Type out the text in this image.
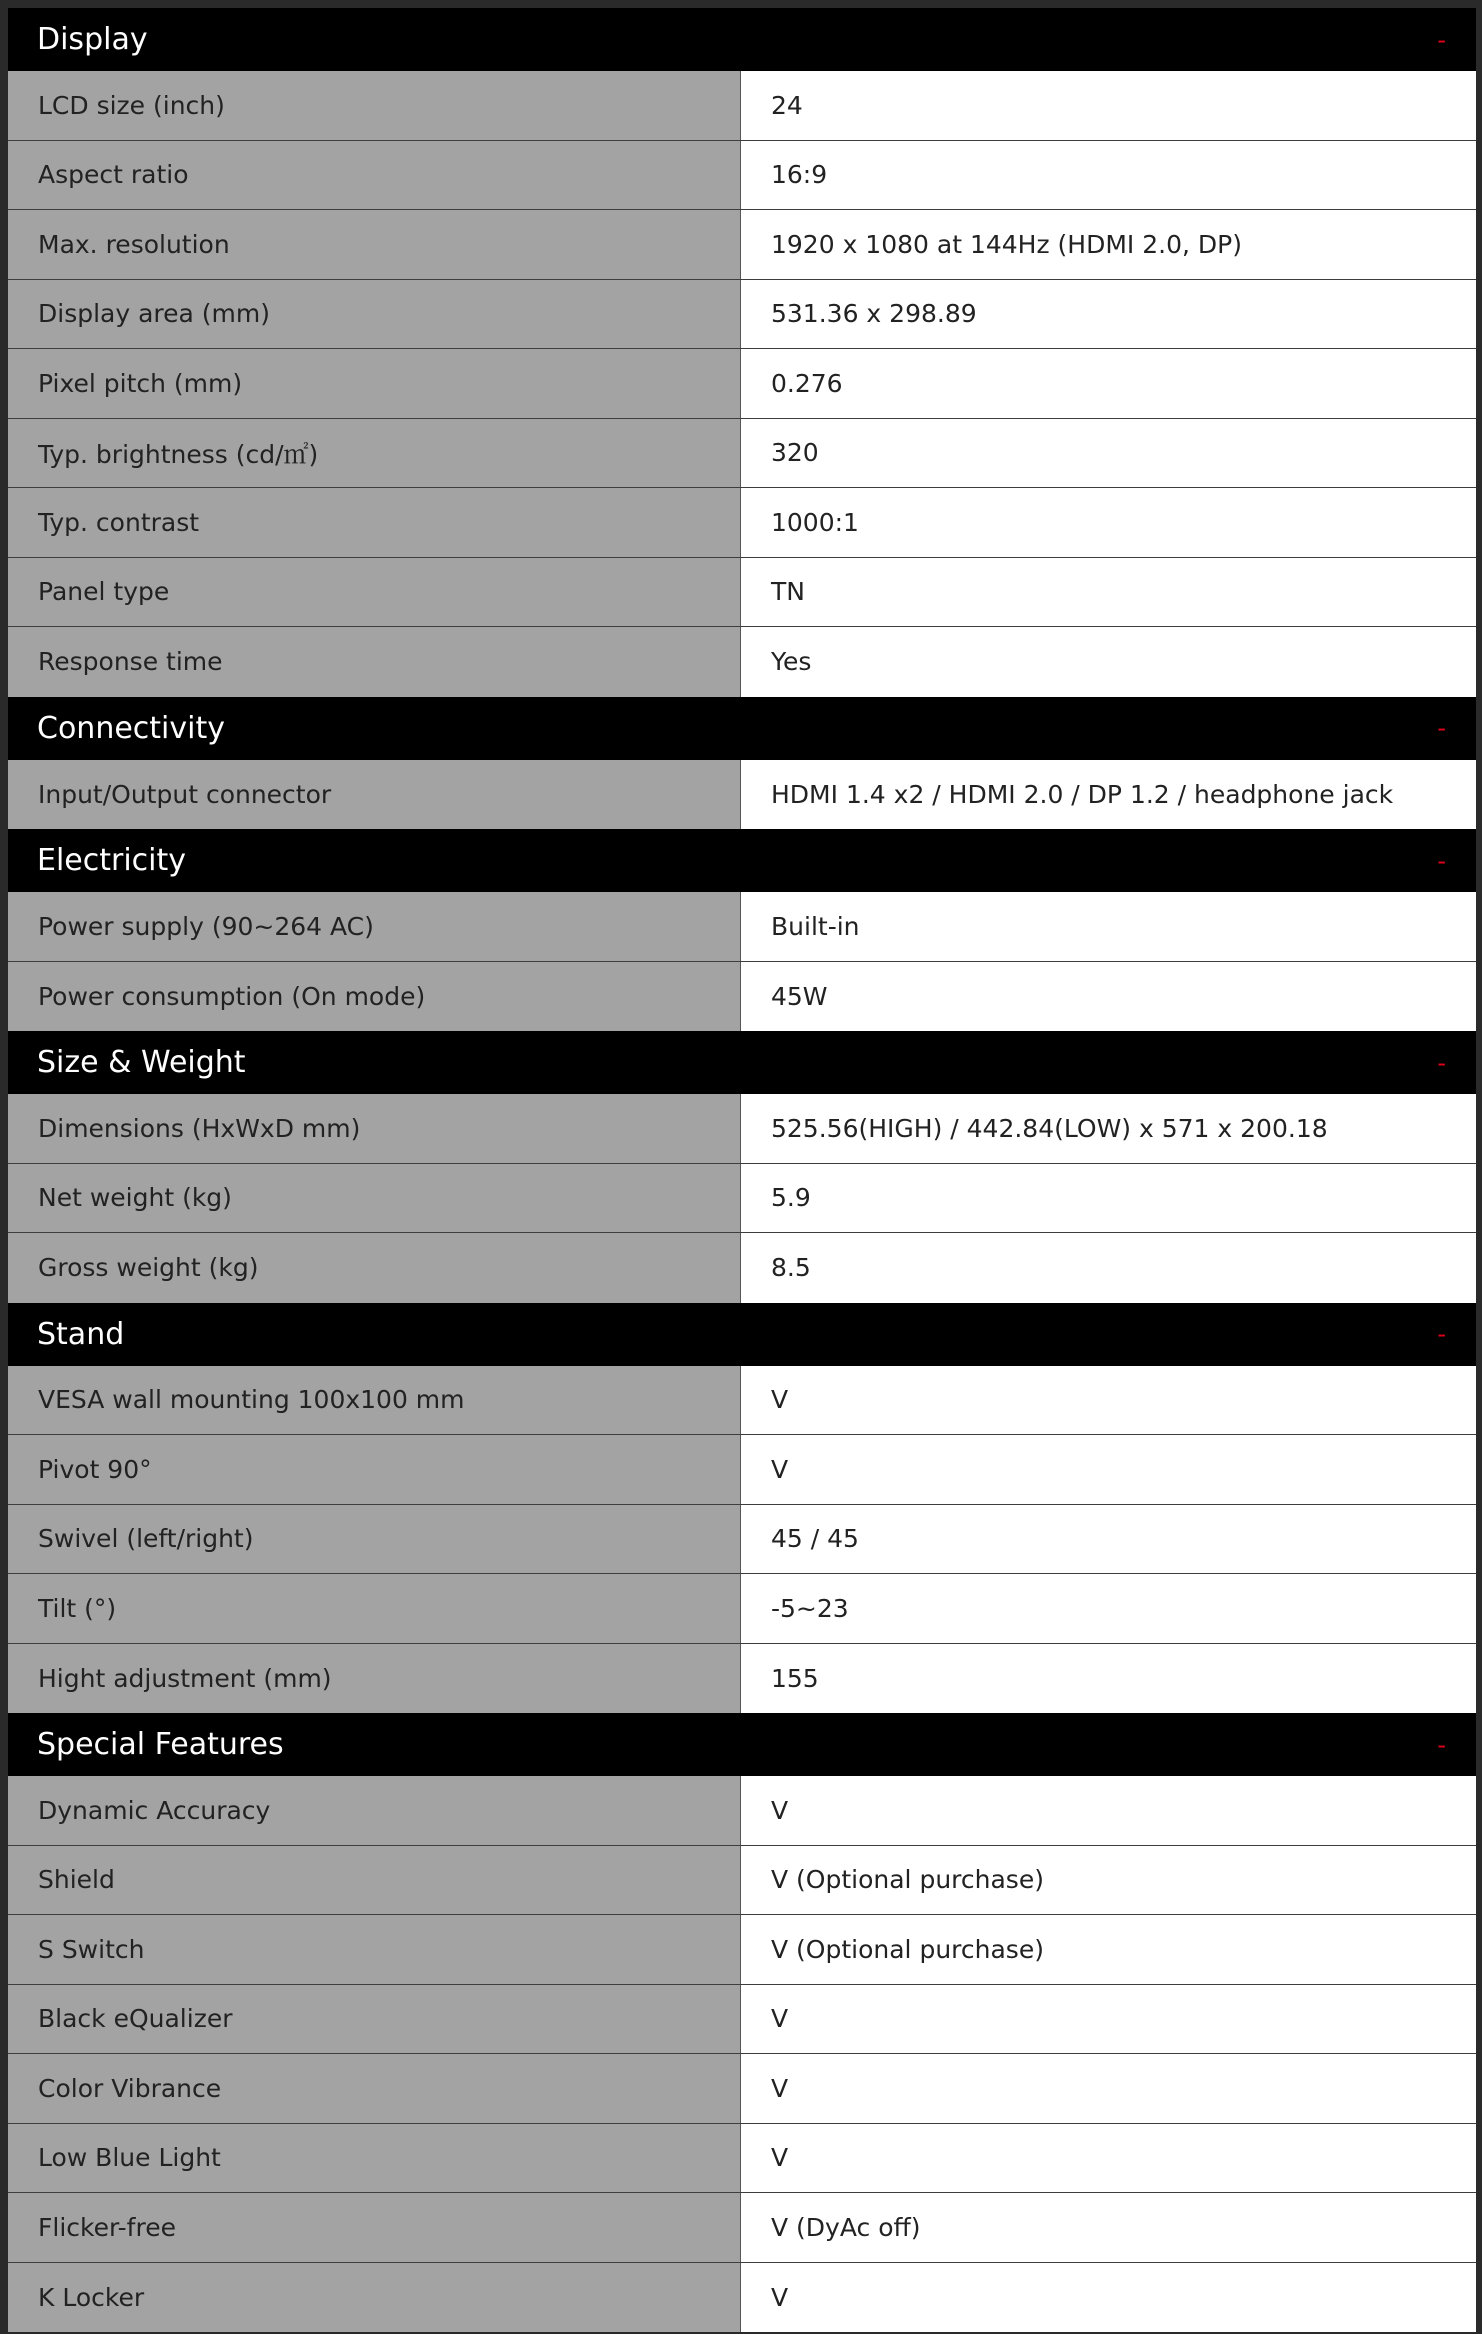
Display	-
LCD size (inch)	24
Aspect ratio	16:9
Max. resolution	1920 x 1080 at 144Hz (HDMI 2.0, DP)
Display area (mm)	531.36 x 298.89
Pixel pitch (mm)	0.276
Typ. brightness (cd/㎡)	320
Typ. contrast	1000:1
Panel type	TN
Response time	Yes
Connectivity	-
Input/Output connector	HDMI 1.4 x2 / HDMI 2.0 / DP 1.2 / headphone jack
Electricity	-
Power supply (90~264 AC)	Built-in
Power consumption (On mode)	45W
Size & Weight	-
Dimensions (HxWxD mm)	525.56(HIGH) / 442.84(LOW) x 571 x 200.18
Net weight (kg)	5.9
Gross weight (kg)	8.5
Stand	-
VESA wall mounting 100x100 mm	V
Pivot 90°	V
Swivel (left/right)	45 / 45
Tilt (°)	-5~23
Hight adjustment (mm)	155
Special Features	-
Dynamic Accuracy	V
Shield	V (Optional purchase)
S Switch	V (Optional purchase)
Black eQualizer	V
Color Vibrance	V
Low Blue Light	V
Flicker-free	V (DyAc off)
K Locker	V
